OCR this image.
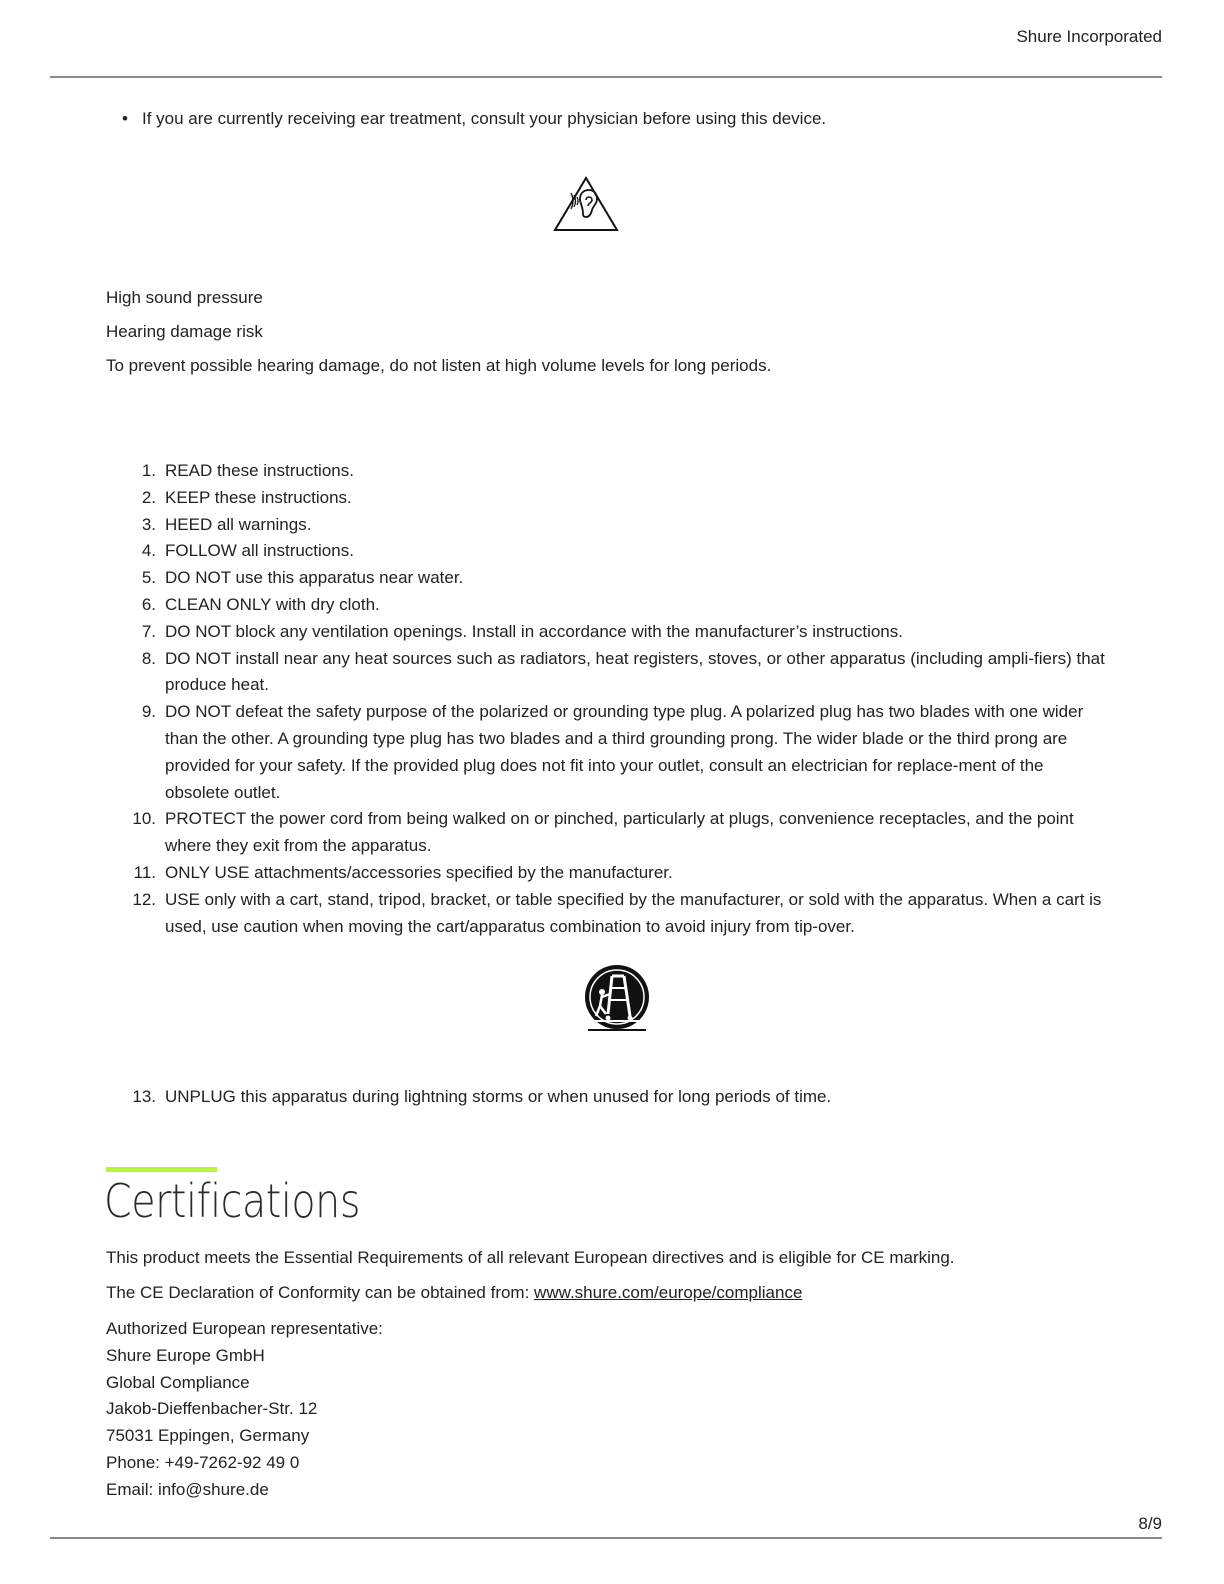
Shure Incorporated
• If you are currently receiving ear treatment, consult your physician before using this device.
High sound pressure
Hearing damage risk
To prevent possible hearing damage, do not listen at high volume levels for long periods.
1. READ these instructions.
2. KEEP these instructions.
3. HEED all warnings.
4. FOLLOW all instructions.
5. DO NOT use this apparatus near water.
6. CLEAN ONLY with dry cloth.
7. DO NOT block any ventilation openings. Install in accordance with the manufacturer’s instructions.
8. DO NOT install near any heat sources such as radiators, heat registers, stoves, or other apparatus (including ampli-fiers) that produce heat.
9. DO NOT defeat the safety purpose of the polarized or grounding type plug. A polarized plug has two blades with one wider than the other. A grounding type plug has two blades and a third grounding prong. The wider blade or the third prong are provided for your safety. If the provided plug does not fit into your outlet, consult an electrician for replace-ment of the obsolete outlet.
10. PROTECT the power cord from being walked on or pinched, particularly at plugs, convenience receptacles, and the point where they exit from the apparatus.
11. ONLY USE attachments/accessories specified by the manufacturer.
12. USE only with a cart, stand, tripod, bracket, or table specified by the manufacturer, or sold with the apparatus. When a cart is used, use caution when moving the cart/apparatus combination to avoid injury from tip-over.
13. UNPLUG this apparatus during lightning storms or when unused for long periods of time.
Certifications
This product meets the Essential Requirements of all relevant European directives and is eligible for CE marking.
The CE Declaration of Conformity can be obtained from: www.shure.com/europe/compliance
Authorized European representative:
Shure Europe GmbH
Global Compliance
Jakob-Dieffenbacher-Str. 12
75031 Eppingen, Germany
Phone: +49-7262-92 49 0
Email: info@shure.de
8/9
